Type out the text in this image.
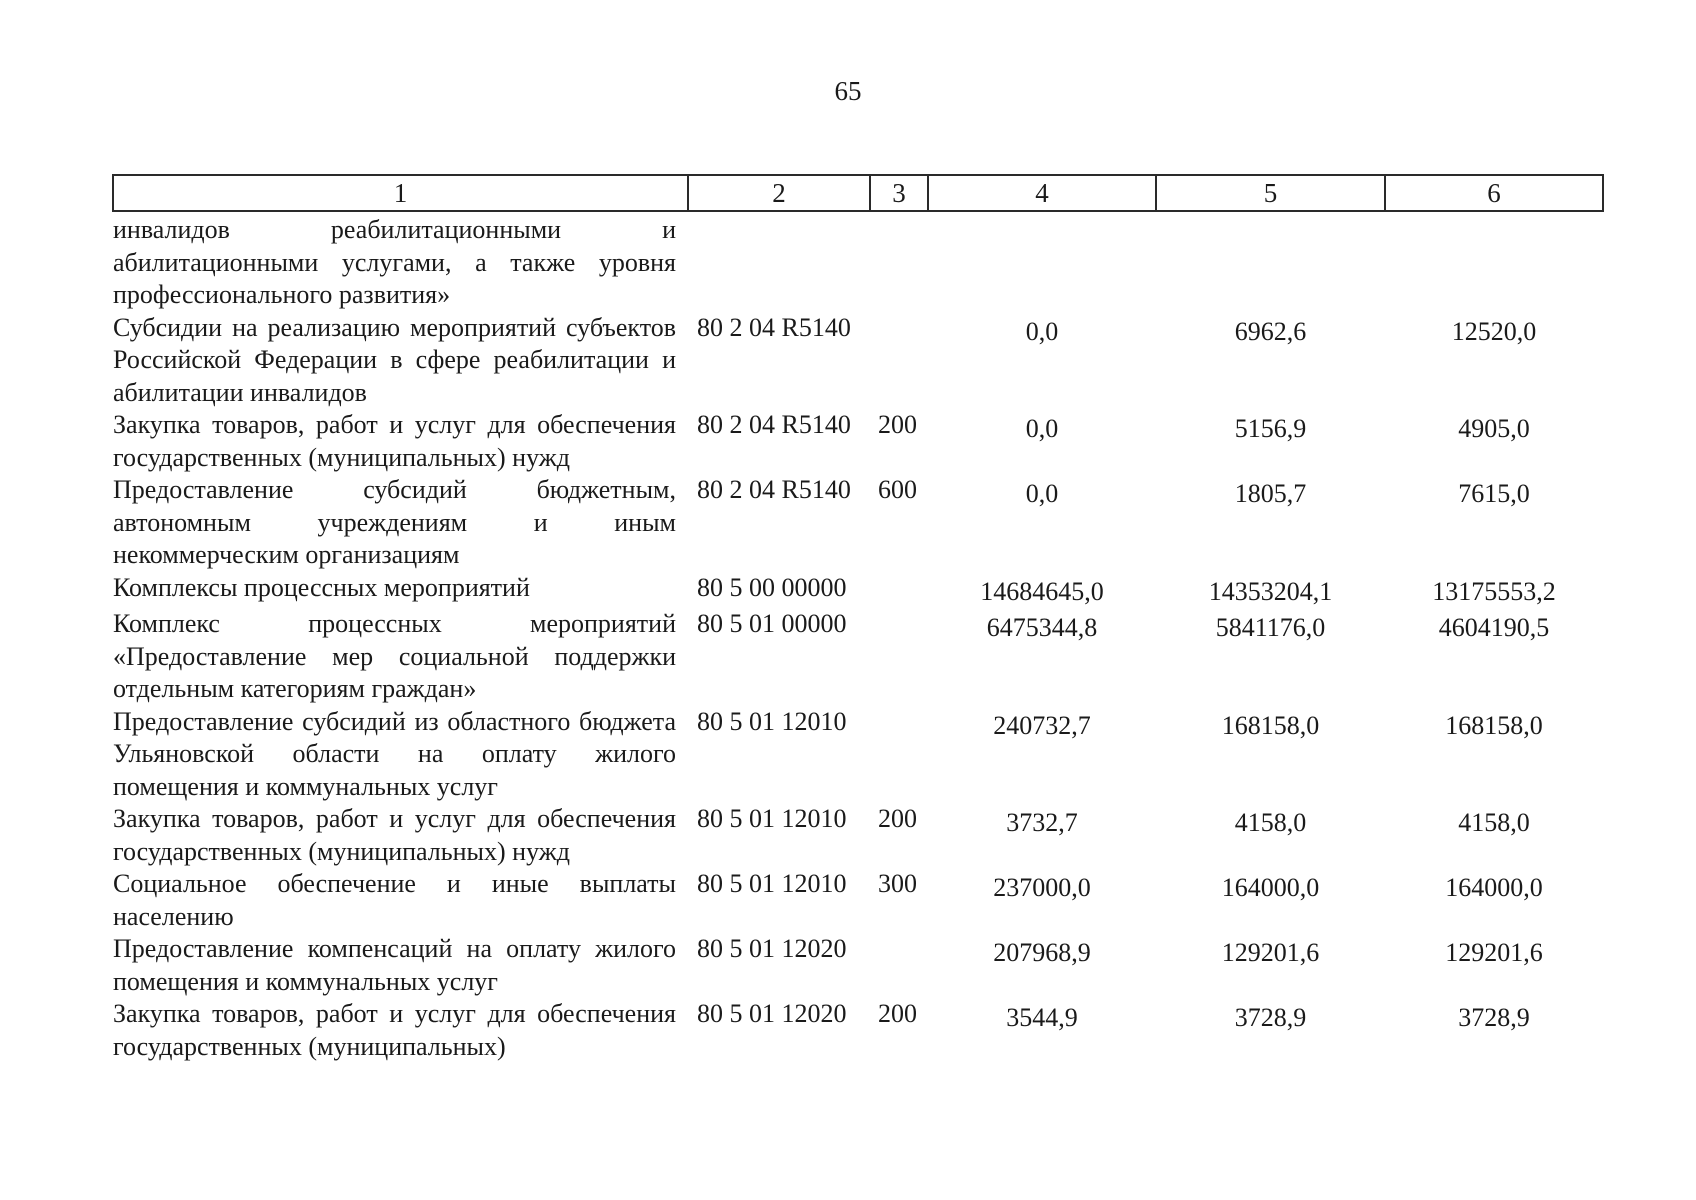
65
1	2	3	4	5	6
инвалидов реабилитационными и абилитационными услугами, а также уровня профессионального развития»					
Субсидии на реализацию мероприятий субъектов Российской Федерации в сфере реабилитации и абилитации инвалидов	80 2 04 R5140		0,0	6962,6	12520,0
Закупка товаров, работ и услуг для обеспечения государственных (муниципальных) нужд	80 2 04 R5140	200	0,0	5156,9	4905,0
Предоставление субсидий бюджетным, автономным учреждениям и иным некоммерческим организациям	80 2 04 R5140	600	0,0	1805,7	7615,0
Комплексы процессных мероприятий	80 5 00 00000		14684645,0	14353204,1	13175553,2
Комплекс процессных мероприятий «Предоставление мер социальной поддержки отдельным категориям граждан»	80 5 01 00000		6475344,8	5841176,0	4604190,5
Предоставление субсидий из областного бюджета Ульяновской области на оплату жилого помещения и коммунальных услуг	80 5 01 12010		240732,7	168158,0	168158,0
Закупка товаров, работ и услуг для обеспечения государственных (муниципальных) нужд	80 5 01 12010	200	3732,7	4158,0	4158,0
Социальное обеспечение и иные выплаты населению	80 5 01 12010	300	237000,0	164000,0	164000,0
Предоставление компенсаций на оплату жилого помещения и коммунальных услуг	80 5 01 12020		207968,9	129201,6	129201,6
Закупка товаров, работ и услуг для обеспечения государственных (муниципальных)	80 5 01 12020	200	3544,9	3728,9	3728,9
